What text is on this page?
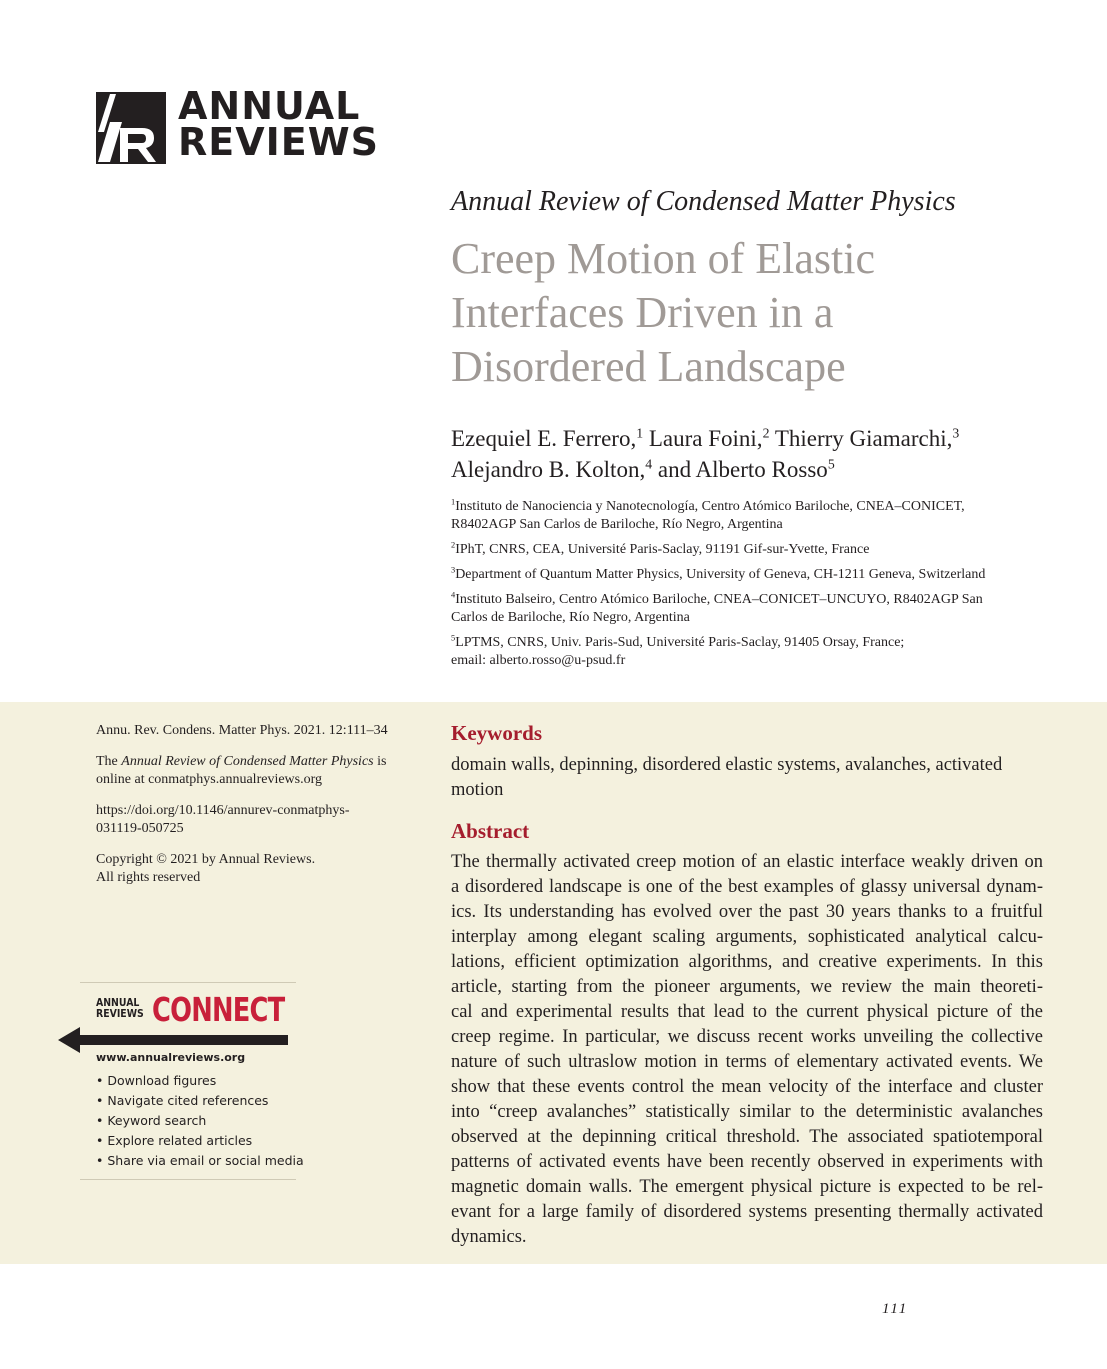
ANNUAL
REVIEWS
Annual Review of Condensed Matter Physics
Creep Motion of Elastic
Interfaces Driven in a
Disordered Landscape
Ezequiel E. Ferrero,$^1$ Laura Foini,$^2$ Thierry Giamarchi,$^3$
Alejandro B. Kolton,$^4$ and Alberto Rosso$^5$
$^1$Instituto de Nanociencia y Nanotecnología, Centro Atómico Bariloche, CNEA–CONICET,
R8402AGP San Carlos de Bariloche, Río Negro, Argentina
$^2$IPhT, CNRS, CEA, Université Paris-Saclay, 91191 Gif-sur-Yvette, France
$^3$Department of Quantum Matter Physics, University of Geneva, CH-1211 Geneva, Switzerland
$^4$Instituto Balseiro, Centro Atómico Bariloche, CNEA–CONICET–UNCUYO, R8402AGP San
Carlos de Bariloche, Río Negro, Argentina
$^5$LPTMS, CNRS, Univ. Paris-Sud, Université Paris-Saclay, 91405 Orsay, France;
email: alberto.rosso@u-psud.fr

Annu. Rev. Condens. Matter Phys. 2021. 12:111–34

The Annual Review of Condensed Matter Physics is
online at conmatphys.annualreviews.org

https://doi.org/10.1146/annurev-conmatphys-
031119-050725

Copyright © 2021 by Annual Reviews.
All rights reserved

ANNUAL
REVIEWS CONNECT
www.annualreviews.org
• Download figures
• Navigate cited references
• Keyword search
• Explore related articles
• Share via email or social media
Keywords
domain walls, depinning, disordered elastic systems, avalanches, activated
motion
Abstract
The thermally activated creep motion of an elastic interface weakly driven on
a disordered landscape is one of the best examples of glassy universal dynam-
ics. Its understanding has evolved over the past 30 years thanks to a fruitful
interplay among elegant scaling arguments, sophisticated analytical calcu-
lations, efficient optimization algorithms, and creative experiments. In this
article, starting from the pioneer arguments, we review the main theoreti-
cal and experimental results that lead to the current physical picture of the
creep regime. In particular, we discuss recent works unveiling the collective
nature of such ultraslow motion in terms of elementary activated events. We
show that these events control the mean velocity of the interface and cluster
into “creep avalanches” statistically similar to the deterministic avalanches
observed at the depinning critical threshold. The associated spatiotemporal
patterns of activated events have been recently observed in experiments with
magnetic domain walls. The emergent physical picture is expected to be rel-
evant for a large family of disordered systems presenting thermally activated
dynamics.
111
